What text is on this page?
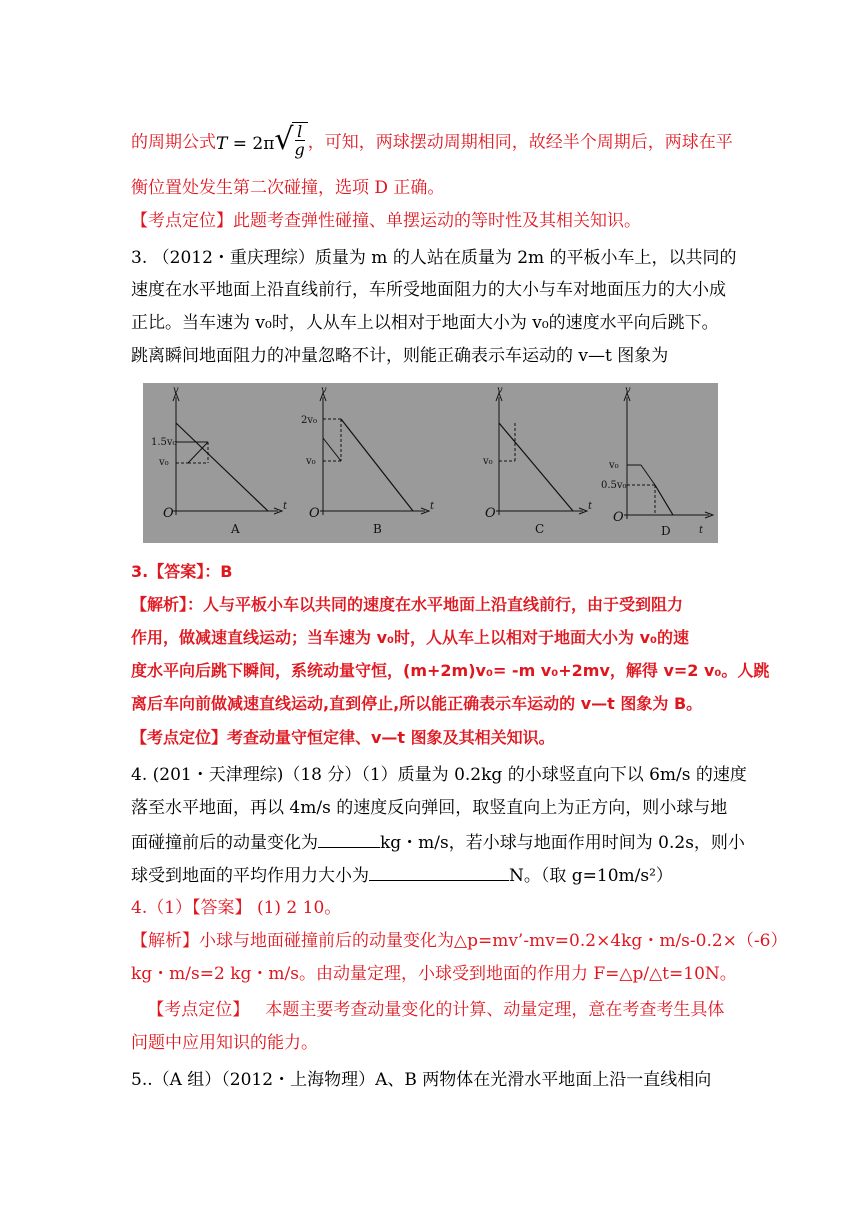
的周期公式T = 2π √
$\frac{l}{g}$ ，可知，两球摆动周期相同，故经半个周期后，两球在平
衡位置处发生第二次碰撞，选项 D 正确。
【考点定位】此题考查弹性碰撞、单摆运动的等时性及其相关知识。
3. （2012・重庆理综）质量为 m 的人站在质量为 2m 的平板小车上，以共同的
速度在水平地面上沿直线前行，车所受地面阻力的大小与车对地面压力的大小成
正比。当车速为 v₀时，人从车上以相对于地面大小为 v₀的速度水平向后跳下。
跳离瞬间地面阻力的冲量忽略不计，则能正确表示车运动的 v—t 图象为
v
1.5v₀
v₀
O	t
A
v
2v₀
v₀
O	t
B
v
v₀
O	t
C
v
v₀
0.5v₀
O
t
D
3.【答案】：B
【解析】：人与平板小车以共同的速度在水平地面上沿直线前行，由于受到阻力
作用，做减速直线运动；当车速为 v₀时，人从车上以相对于地面大小为 v₀的速
度水平向后跳下瞬间，系统动量守恒，(m+2m)v₀= -m v₀+2mv，解得 v=2 v₀。人跳
离后车向前做减速直线运动,直到停止,所以能正确表示车运动的 v—t 图象为 B。
【考点定位】考查动量守恒定律、v—t 图象及其相关知识。
4. (201・天津理综)（18 分）（1）质量为 0.2kg 的小球竖直向下以 6m/s 的速度
落至水平地面，再以 4m/s 的速度反向弹回，取竖直向上为正方向，则小球与地
面碰撞前后的动量变化为	kg・m/s，若小球与地面作用时间为 0.2s，则小
球受到地面的平均作用力大小为	N。（取 g=10m/s²）
4.（1）【答案】 (1) 2 10。
【解析】小球与地面碰撞前后的动量变化为△p=mv’-mv=0.2×4kg・m/s-0.2×（-6）
kg・m/s=2 kg・m/s。由动量定理，小球受到地面的作用力 F=△p/△t=10N。
【考点定位】   本题主要考查动量变化的计算、动量定理，意在考查考生具体
问题中应用知识的能力。
5..（A 组）（2012・上海物理）A、B 两物体在光滑水平地面上沿一直线相向
